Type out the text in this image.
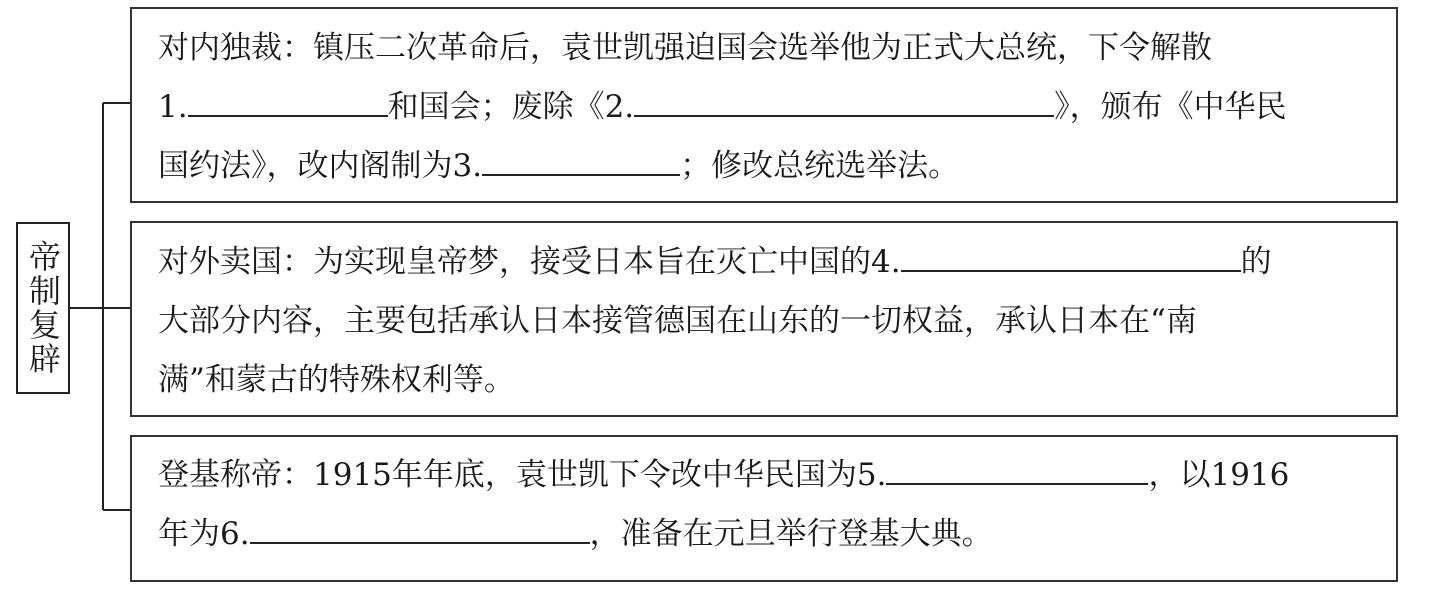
帝制复辟
对内独裁：镇压二次革命后，袁世凯强迫国会选举他为正式大总统，下令解散
1.	和国会；废除《2.	》，颁布《中华民
国约法》，改内阁制为3.	；修改总统选举法。
对外卖国：为实现皇帝梦，接受日本旨在灭亡中国的4.	的
大部分内容，主要包括承认日本接管德国在山东的一切权益，承认日本在“南
满”和蒙古的特殊权利等。
登基称帝：1915年年底，袁世凯下令改中华民国为5.	，以1916
年为6.	，准备在元旦举行登基大典。
